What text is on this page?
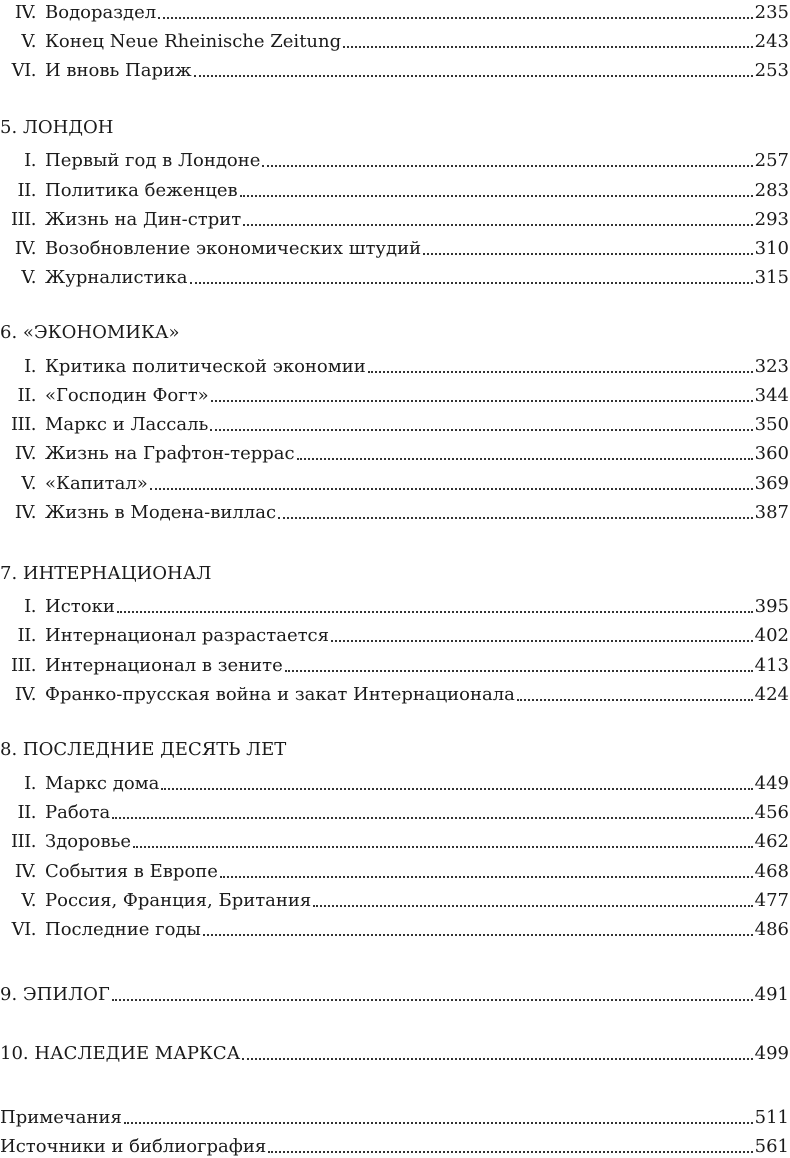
IV. Водораздел	235
V. Конец Neue Rheinische Zeitung	243
VI. И вновь Париж	253
5. ЛОНДОН
I. Первый год в Лондоне	257
II. Политика беженцев	283
III. Жизнь на Дин-стрит	293
IV. Возобновление экономических штудий	310
V. Журналистика	315
6. «ЭКОНОМИКА»
I. Критика политической экономии	323
II. «Господин Фогт»	344
III. Маркс и Лассаль	350
IV. Жизнь на Графтон-террас	360
V. «Капитал»	369
IV. Жизнь в Модена-виллас	387
7. ИНТЕРНАЦИОНАЛ
I. Истоки	395
II. Интернационал разрастается	402
III. Интернационал в зените	413
IV. Франко-прусская война и закат Интернационала	424
8. ПОСЛЕДНИЕ ДЕСЯТЬ ЛЕТ
I. Маркс дома	449
II. Работа	456
III. Здоровье	462
IV. События в Европе	468
V. Россия, Франция, Британия	477
VI. Последние годы	486
9. ЭПИЛОГ	491
10. НАСЛЕДИЕ МАРКСА	499
Примечания	511
Источники и библиография	561
